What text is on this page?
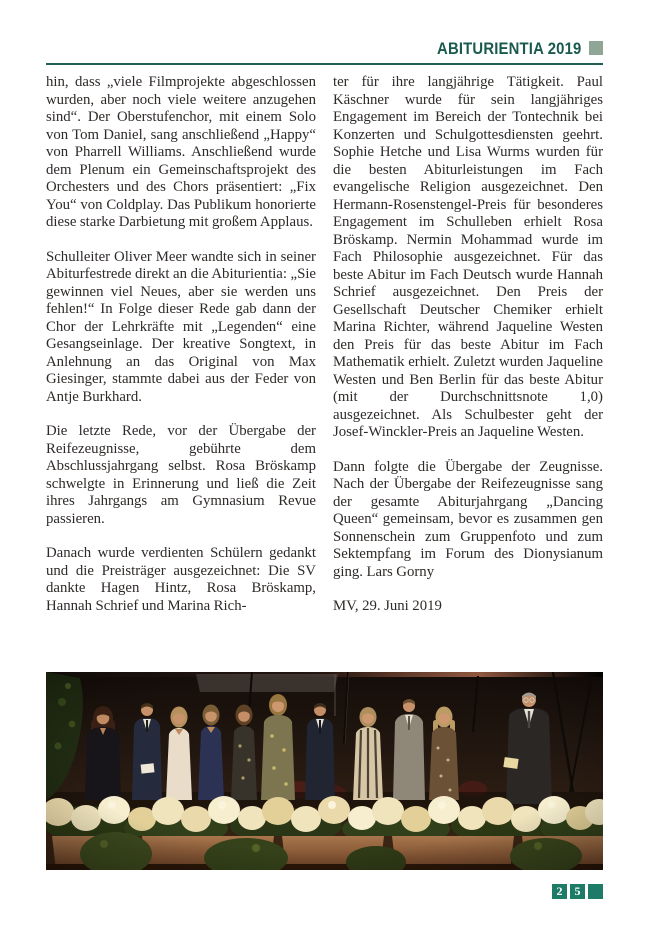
ABITURIENTIA 2019

hin, dass „viele Filmprojekte abgeschlossen wurden, aber noch viele weitere anzugehen sind“. Der Oberstufenchor, mit einem Solo von Tom Daniel, sang anschließend „Happy“ von Pharrell Williams. Anschließend wurde dem Plenum ein Gemeinschaftsprojekt des Orchesters und des Chors präsentiert: „Fix You“ von Coldplay. Das Publikum honorierte diese starke Darbietung mit großem Applaus.

Schulleiter Oliver Meer wandte sich in seiner Abiturfestrede direkt an die Abiturientia: „Sie gewinnen viel Neues, aber sie werden uns fehlen!“ In Folge dieser Rede gab dann der Chor der Lehrkräfte mit „Legenden“ eine Gesangseinlage. Der kreative Songtext, in Anlehnung an das Original von Max Giesinger, stammte dabei aus der Feder von Antje Burkhard.

Die letzte Rede, vor der Übergabe der Reifezeugnisse, gebührte dem Abschlussjahrgang selbst. Rosa Bröskamp schwelgte in Erinnerung und ließ die Zeit ihres Jahrgangs am Gymnasium Revue passieren.

Danach wurde verdienten Schülern gedankt und die Preisträger ausgezeichnet: Die SV dankte Hagen Hintz, Rosa Bröskamp, Hannah Schrief und Marina Rich-

ter für ihre langjährige Tätigkeit. Paul Käschner wurde für sein langjähriges Engagement im Bereich der Tontechnik bei Konzerten und Schulgottesdiensten geehrt. Sophie Hetche und Lisa Wurms wurden für die besten Abiturleistungen im Fach evangelische Religion ausgezeichnet. Den Hermann-Rosenstengel-Preis für besonderes Engagement im Schulleben erhielt Rosa Bröskamp. Nermin Mohammad wurde im Fach Philosophie ausgezeichnet. Für das beste Abitur im Fach Deutsch wurde Hannah Schrief ausgezeichnet. Den Preis der Gesellschaft Deutscher Chemiker erhielt Marina Richter, während Jaqueline Westen den Preis für das beste Abitur im Fach Mathematik erhielt. Zuletzt wurden Jaqueline Westen und Ben Berlin für das beste Abitur (mit der Durchschnittsnote 1,0) ausgezeichnet. Als Schulbester geht der Josef-Winckler-Preis an Jaqueline Westen.

Dann folgte die Übergabe der Zeugnisse. Nach der Übergabe der Reifezeugnisse sang der gesamte Abiturjahrgang „Dancing Queen“ gemeinsam, bevor es zusammen gen Sonnenschein zum Gruppenfoto und zum Sektempfang im Forum des Dionysianum ging. Lars Gorny

MV, 29. Juni 2019

2	5
